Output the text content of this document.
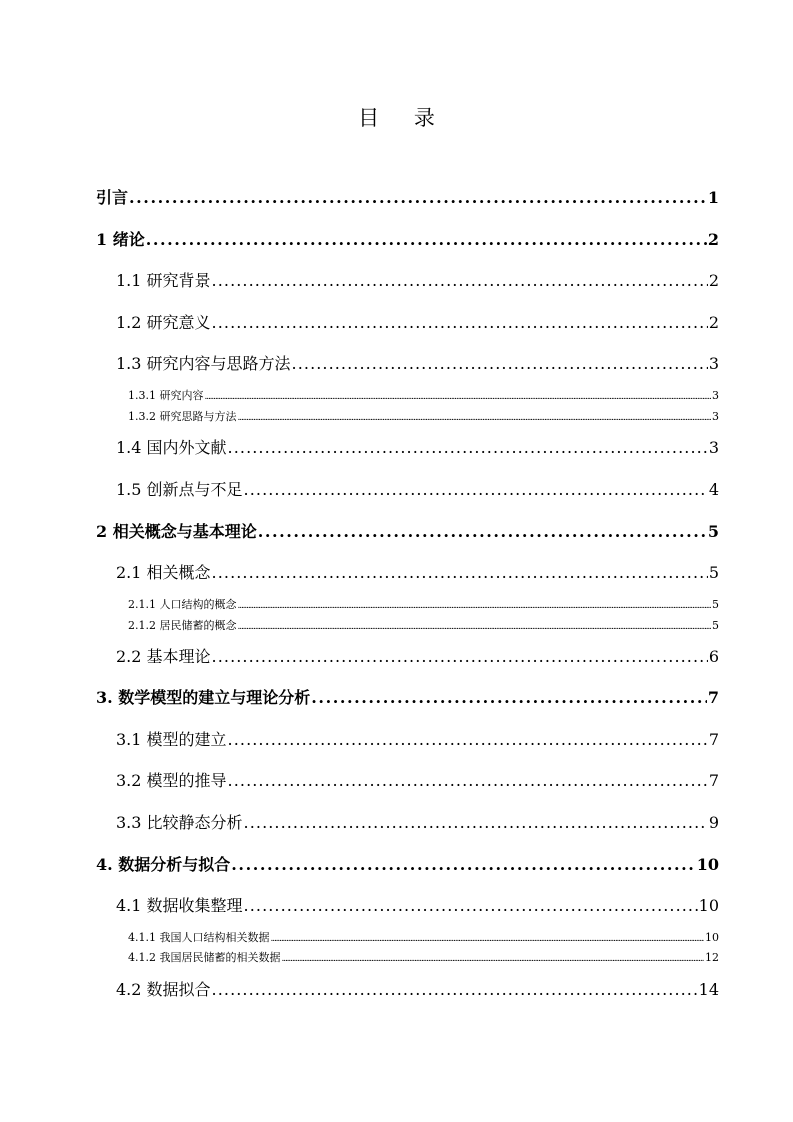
目 录
引言 . . .	1
1 绪论 . . .	2
1.1 研究背景 . . .	2
1.2 研究意义 . . .	2
1.3 研究内容与思路方法 . . .	3
1.3.1 研究内容 . . .	3
1.3.2 研究思路与方法 . . .	3
1.4 国内外文献 . . .	3
1.5 创新点与不足 . . .	4
2 相关概念与基本理论 . . .	5
2.1 相关概念 . . .	5
2.1.1 人口结构的概念 . . .	5
2.1.2 居民储蓄的概念 . . .	5
2.2 基本理论 . . .	6
3. 数学模型的建立与理论分析 . . .	7
3.1 模型的建立 . . .	7
3.2 模型的推导 . . .	7
3.3 比较静态分析 . . .	9
4. 数据分析与拟合 . . .	10
4.1 数据收集整理 . . .	10
4.1.1 我国人口结构相关数据 . . .	10
4.1.2 我国居民储蓄的相关数据 . . .	12
4.2 数据拟合 . . .	14
